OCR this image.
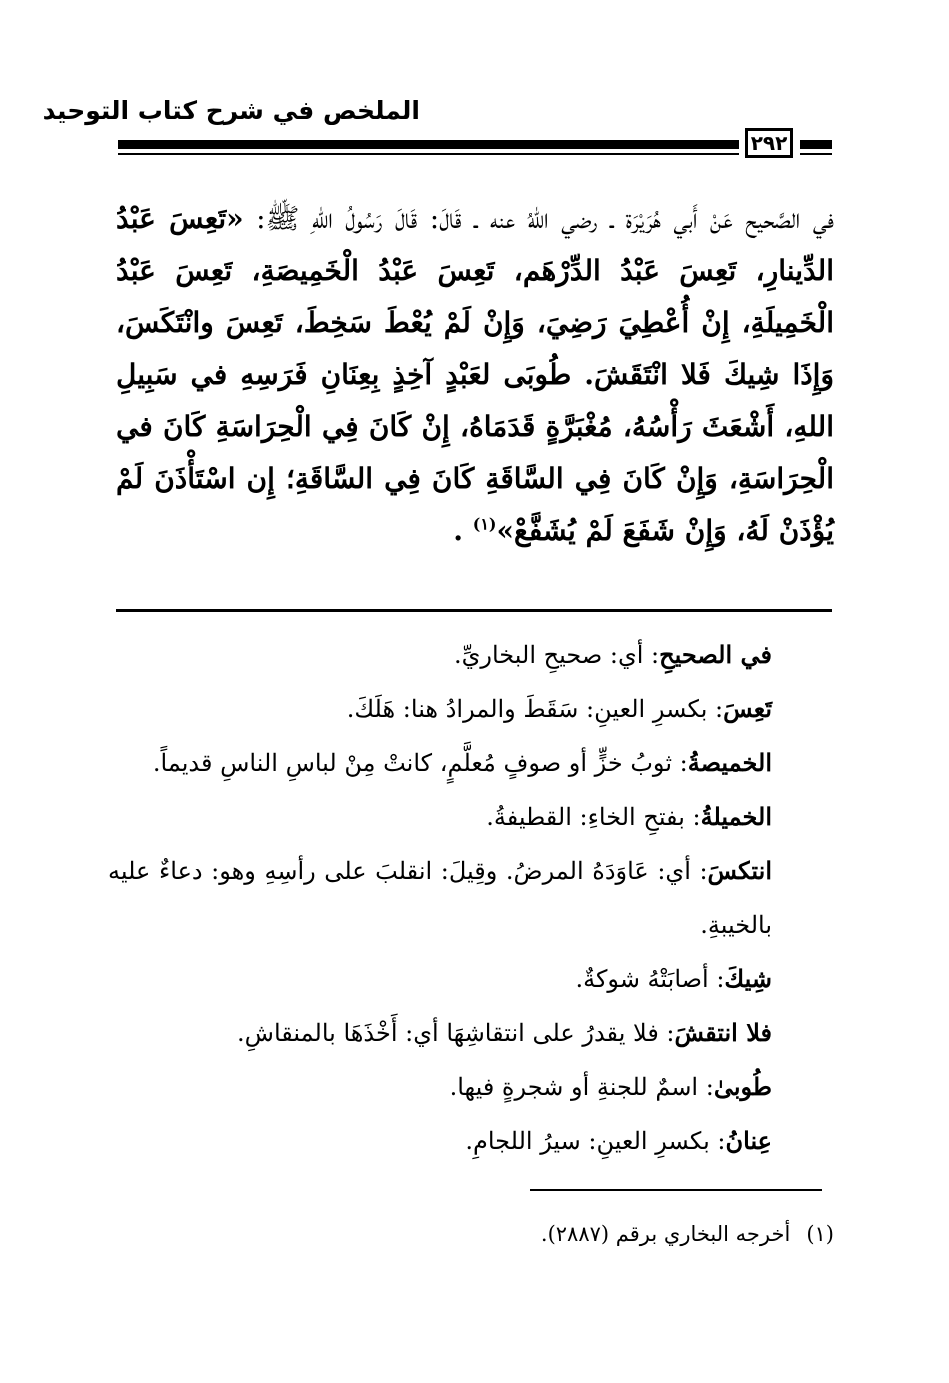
الملخص في شرح كتاب التوحيد
٢٩٢

في الصَّحيح عَنْ أَبي هُرَيْرَة ـ رضي اللهُ عنه ـ قَالَ: قَالَ رَسُولُ اللهِ ﷺ: «تَعِسَ عَبْدُ الدِّينارِ، تَعِسَ عَبْدُ الدِّرْهَم، تَعِسَ عَبْدُ الْخَمِيصَةِ، تَعِسَ عَبْدُ الْخَمِيلَةِ، إِنْ أُعْطِيَ رَضِيَ، وَإِنْ لَمْ يُعْطَ سَخِطَ، تَعِسَ وانْتَكَسَ، وَإِذَا شِيكَ فَلا انْتَقَشَ. طُوبَى لعَبْدٍ آخِذٍ بِعِنَانِ فَرَسِهِ في سَبِيلِ اللهِ، أَشْعَثَ رَأْسُهُ، مُغْبَرَّةٍ قَدَمَاهُ، إِنْ كَانَ فِي الْحِرَاسَةِ كَانَ في الْحِرَاسَةِ، وَإِنْ كَانَ فِي السَّاقَةِ كَانَ فِي السَّاقَةِ؛ إِن اسْتَأْذَنَ لَمْ يُؤْذَنْ لَهُ، وَإِنْ شَفَعَ لَمْ يُشَفَّعْ»$^{(١)}$ .

في الصحيحِ: أي: صحيحِ البخاريِّ.
تَعِسَ: بكسرِ العينِ: سَقَطَ والمرادُ هنا: هَلَكَ.
الخميصةُ: ثوبُ خزٍّ أو صوفٍ مُعلَّمٍ، كانتْ مِنْ لباسِ الناسِ قديماً.
الخميلةُ: بفتحِ الخاءِ: القطيفةُ.
انتكسَ: أي: عَاوَدَهُ المرضُ. وقِيلَ: انقلبَ على رأسِهِ وهو: دعاءٌ عليه بالخيبةِ.
شِيكَ: أصابَتْهُ شوكةٌ.
فلا انتقشَ: فلا يقدرُ على انتقاشِهَا أي: أَخْذَهَا بالمنقاشِ.
طُوبىٰ: اسمٌ للجنةِ أو شجرةٍ فيها.
عِنانُ: بكسرِ العينِ: سيرُ اللجامِ.

(١)أخرجه البخاري برقم (٢٨٨٧).
